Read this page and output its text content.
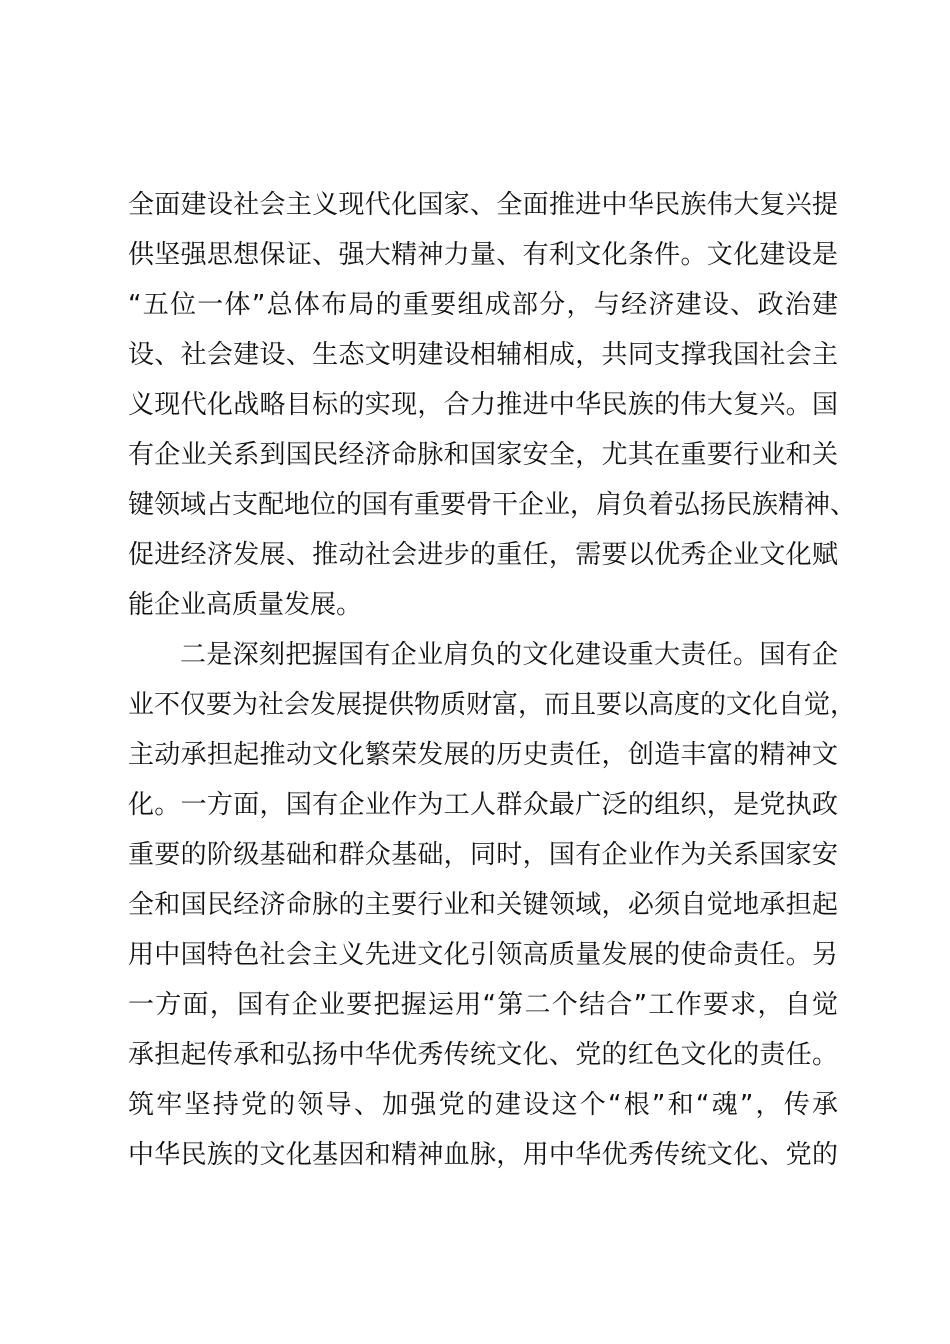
全面建设社会主义现代化国家、全面推进中华民族伟大复兴提
供坚强思想保证、强大精神力量、有利文化条件。文化建设是
“五位一体”总体布局的重要组成部分，与经济建设、政治建
设、社会建设、生态文明建设相辅相成，共同支撑我国社会主
义现代化战略目标的实现，合力推进中华民族的伟大复兴。国
有企业关系到国民经济命脉和国家安全，尤其在重要行业和关
键领域占支配地位的国有重要骨干企业，肩负着弘扬民族精神、
促进经济发展、推动社会进步的重任，需要以优秀企业文化赋
能企业高质量发展。
二是深刻把握国有企业肩负的文化建设重大责任。国有企
业不仅要为社会发展提供物质财富，而且要以高度的文化自觉，
主动承担起推动文化繁荣发展的历史责任，创造丰富的精神文
化。一方面，国有企业作为工人群众最广泛的组织，是党执政
重要的阶级基础和群众基础，同时，国有企业作为关系国家安
全和国民经济命脉的主要行业和关键领域，必须自觉地承担起
用中国特色社会主义先进文化引领高质量发展的使命责任。另
一方面，国有企业要把握运用“第二个结合”工作要求，自觉
承担起传承和弘扬中华优秀传统文化、党的红色文化的责任。
筑牢坚持党的领导、加强党的建设这个“根”和“魂”，传承
中华民族的文化基因和精神血脉，用中华优秀传统文化、党的
